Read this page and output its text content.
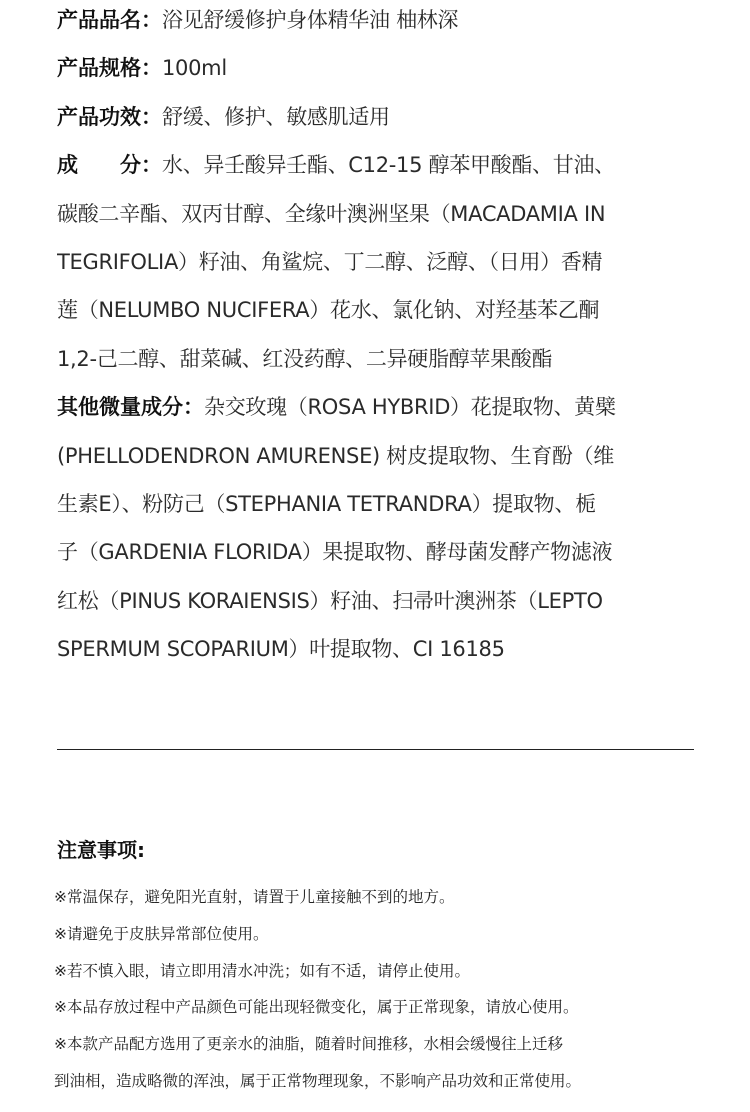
产品品名：浴见舒缓修护身体精华油 柚林深
产品规格：100ml
产品功效：舒缓、修护、敏感肌适用
成　　分：水、异壬酸异壬酯、C12-15 醇苯甲酸酯、甘油、
碳酸二辛酯、双丙甘醇、全缘叶澳洲坚果（MACADAMIA IN
TEGRIFOLIA）籽油、角鲨烷、丁二醇、泛醇、（日用）香精
莲（NELUMBO NUCIFERA）花水、氯化钠、对羟基苯乙酮
1,2-己二醇、甜菜碱、红没药醇、二异硬脂醇苹果酸酯
其他微量成分：杂交玫瑰（ROSA HYBRID）花提取物、黄檗
(PHELLODENDRON AMURENSE) 树皮提取物、生育酚（维
生素E）、粉防己（STEPHANIA TETRANDRA）提取物、栀
子（GARDENIA FLORIDA）果提取物、酵母菌发酵产物滤液
红松（PINUS KORAIENSIS）籽油、扫帚叶澳洲茶（LEPTO
SPERMUM SCOPARIUM）叶提取物、CI 16185
注意事项:
※常温保存，避免阳光直射，请置于儿童接触不到的地方。
※请避免于皮肤异常部位使用。
※若不慎入眼，请立即用清水冲洗；如有不适，请停止使用。
※本品存放过程中产品颜色可能出现轻微变化，属于正常现象，请放心使用。
※本款产品配方选用了更亲水的油脂，随着时间推移，水相会缓慢往上迁移
到油相，造成略微的浑浊，属于正常物理现象，不影响产品功效和正常使用。
